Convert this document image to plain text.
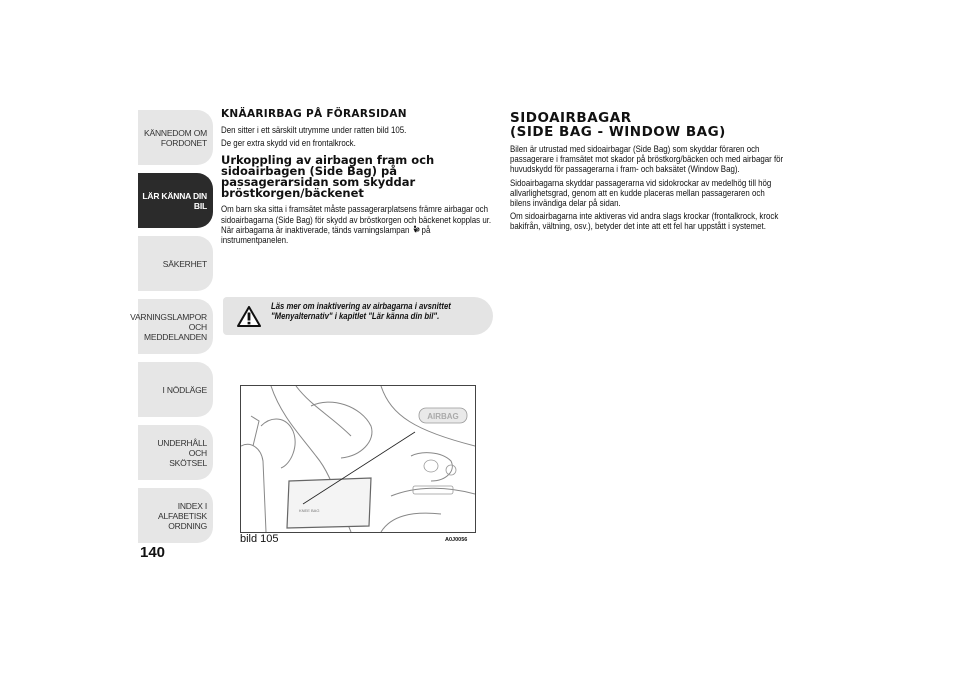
KÄNNEDOM OM
FORDONET
LÄR KÄNNA DIN
BIL
SÄKERHET
VARNINGSLAMPOR
OCH MEDDELANDEN
I NÖDLÄGE
UNDERHÅLL OCH
SKÖTSEL
INDEX I ALFABETISK
ORDNING
140
KNÄARIRBAG PÅ FÖRARSIDAN

Den sitter i ett särskilt utrymme under ratten bild 105.

De ger extra skydd vid en frontalkrock.

Urkoppling av airbagen fram och sidoairbagen (Side Bag) på passagerarsidan som skyddar bröstkorgen/bäckenet

Om barn ska sitta i framsätet måste passagerarplatsens främre airbagar och sidoairbagarna (Side Bag) för skydd av bröstkorgen och bäckenet kopplas ur. När airbagarna är inaktiverade, tänds varningslampan  på instrumentpanelen.

Läs mer om inaktivering av airbagarna i avsnittet "Menyalternativ" i kapitlet "Lär känna din bil".
AIRBAG
KNEE BAG
bild 105	A0J0056
SIDOAIRBAGAR
(SIDE BAG - WINDOW BAG)

Bilen är utrustad med sidoairbagar (Side Bag) som skyddar föraren och passagerare i framsätet mot skador på bröstkorg/bäcken och med airbagar för huvudskydd för passagerarna i fram- och baksätet (Window Bag).

Sidoairbagarna skyddar passagerarna vid sidokrockar av medelhög till hög allvarlighetsgrad, genom att en kudde placeras mellan passageraren och bilens invändiga delar på sidan.

Om sidoairbagarna inte aktiveras vid andra slags krockar (frontalkrock, krock bakifrån, vältning, osv.), betyder det inte att ett fel har uppstått i systemet.
